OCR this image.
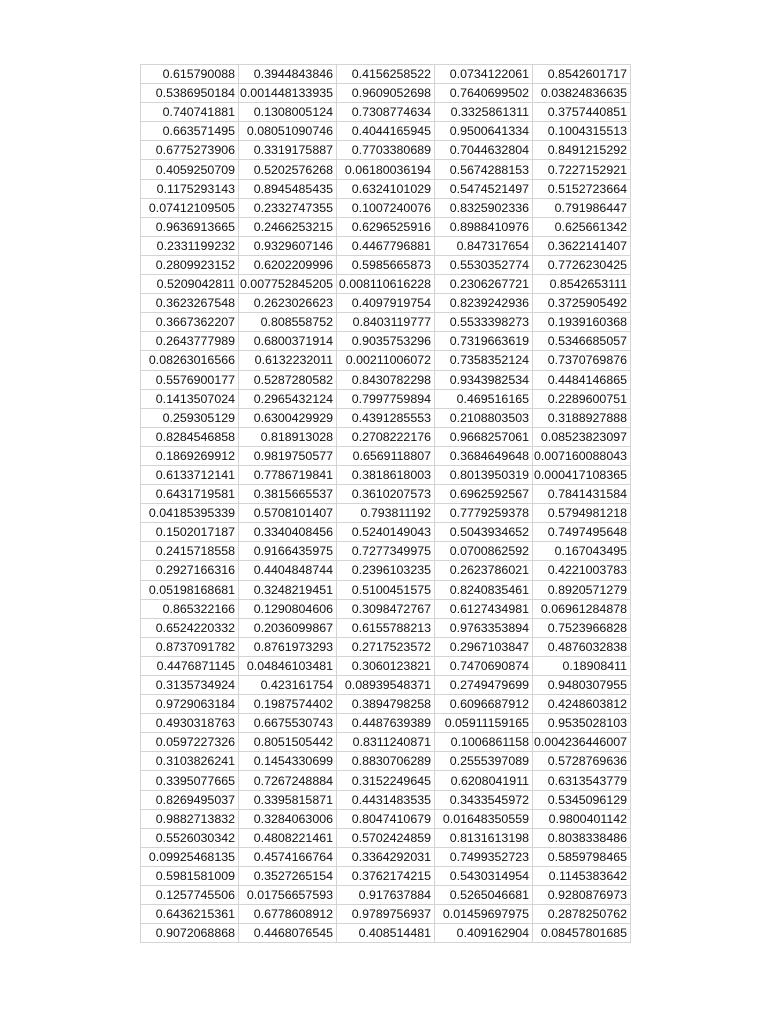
0.615790088	0.3944843846	0.4156258522	0.0734122061	0.8542601717
0.5386950184	0.001448133935	0.9609052698	0.7640699502	0.03824836635
0.740741881	0.1308005124	0.7308774634	0.3325861311	0.3757440851
0.663571495	0.08051090746	0.4044165945	0.9500641334	0.1004315513
0.6775273906	0.3319175887	0.7703380689	0.7044632804	0.8491215292
0.4059250709	0.5202576268	0.06180036194	0.5674288153	0.7227152921
0.1175293143	0.8945485435	0.6324101029	0.5474521497	0.5152723664
0.07412109505	0.2332747355	0.1007240076	0.8325902336	0.791986447
0.9636913665	0.2466253215	0.6296525916	0.8988410976	0.625661342
0.2331199232	0.9329607146	0.4467796881	0.847317654	0.3622141407
0.2809923152	0.6202209996	0.5985665873	0.5530352774	0.7726230425
0.5209042811	0.007752845205	0.008110616228	0.2306267721	0.8542653111
0.3623267548	0.2623026623	0.4097919754	0.8239242936	0.3725905492
0.3667362207	0.808558752	0.8403119777	0.5533398273	0.1939160368
0.2643777989	0.6800371914	0.9035753296	0.7319663619	0.5346685057
0.08263016566	0.6132232011	0.00211006072	0.7358352124	0.7370769876
0.5576900177	0.5287280582	0.8430782298	0.9343982534	0.4484146865
0.1413507024	0.2965432124	0.7997759894	0.469516165	0.2289600751
0.259305129	0.6300429929	0.4391285553	0.2108803503	0.3188927888
0.8284546858	0.818913028	0.2708222176	0.9668257061	0.08523823097
0.1869269912	0.9819750577	0.6569118807	0.3684649648	0.007160088043
0.6133712141	0.7786719841	0.3818618003	0.8013950319	0.000417108365
0.6431719581	0.3815665537	0.3610207573	0.6962592567	0.7841431584
0.04185395339	0.5708101407	0.793811192	0.7779259378	0.5794981218
0.1502017187	0.3340408456	0.5240149043	0.5043934652	0.7497495648
0.2415718558	0.9166435975	0.7277349975	0.0700862592	0.167043495
0.2927166316	0.4404848744	0.2396103235	0.2623786021	0.4221003783
0.05198168681	0.3248219451	0.5100451575	0.8240835461	0.8920571279
0.865322166	0.1290804606	0.3098472767	0.6127434981	0.06961284878
0.6524220332	0.2036099867	0.6155788213	0.9763353894	0.7523966828
0.8737091782	0.8761973293	0.2717523572	0.2967103847	0.4876032838
0.4476871145	0.04846103481	0.3060123821	0.7470690874	0.18908411
0.3135734924	0.423161754	0.08939548371	0.2749479699	0.9480307955
0.9729063184	0.1987574402	0.3894798258	0.6096687912	0.4248603812
0.4930318763	0.6675530743	0.4487639389	0.05911159165	0.9535028103
0.0597227326	0.8051505442	0.8311240871	0.1006861158	0.004236446007
0.3103826241	0.1454330699	0.8830706289	0.2555397089	0.5728769636
0.3395077665	0.7267248884	0.3152249645	0.6208041911	0.6313543779
0.8269495037	0.3395815871	0.4431483535	0.3433545972	0.5345096129
0.9882713832	0.3284063006	0.8047410679	0.01648350559	0.9800401142
0.5526030342	0.4808221461	0.5702424859	0.8131613198	0.8038338486
0.09925468135	0.4574166764	0.3364292031	0.7499352723	0.5859798465
0.5981581009	0.3527265154	0.3762174215	0.5430314954	0.1145383642
0.1257745506	0.01756657593	0.917637884	0.5265046681	0.9280876973
0.6436215361	0.6778608912	0.9789756937	0.01459697975	0.2878250762
0.9072068868	0.4468076545	0.408514481	0.409162904	0.08457801685
